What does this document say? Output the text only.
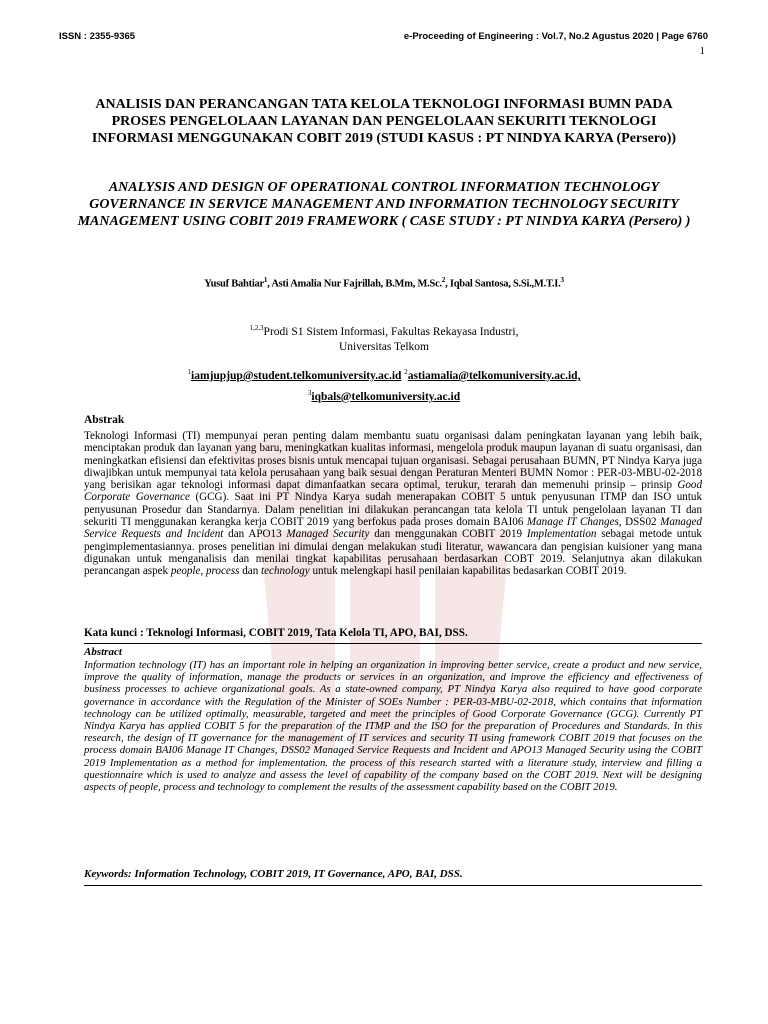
ISSN : 2355-9365	e-Proceeding of Engineering : Vol.7, No.2 Agustus 2020 | Page 6760
1
ANALISIS DAN PERANCANGAN TATA KELOLA TEKNOLOGI INFORMASI BUMN PADA PROSES PENGELOLAAN LAYANAN DAN PENGELOLAAN SEKURITI TEKNOLOGI INFORMASI MENGGUNAKAN COBIT 2019 (STUDI KASUS : PT NINDYA KARYA (Persero))
ANALYSIS AND DESIGN OF OPERATIONAL CONTROL INFORMATION TECHNOLOGY GOVERNANCE IN SERVICE MANAGEMENT AND INFORMATION TECHNOLOGY SECURITY MANAGEMENT USING COBIT 2019 FRAMEWORK ( CASE STUDY : PT NINDYA KARYA (Persero) )
Yusuf Bahtiar$^1$, Asti Amalia Nur Fajrillah, B.Mm, M.Sc.$^2$, Iqbal Santosa, S.Si.,M.T.I.$^3$
$^{1,2,3}$Prodi S1 Sistem Informasi, Fakultas Rekayasa Industri,
Universitas Telkom
$^1$iamjupjup@student.telkomuniversity.ac.id $^2$astiamalia@telkomuniversity.ac.id,
$^3$iqbals@telkomuniversity.ac.id
Abstrak
Teknologi Informasi (TI) mempunyai peran penting dalam membantu suatu organisasi dalam peningkatan layanan yang lebih baik, menciptakan produk dan layanan yang baru, meningkatkan kualitas informasi, mengelola produk maupun layanan di suatu organisasi, dan meningkatkan efisiensi dan efektivitas proses bisnis untuk mencapai tujuan organisasi. Sebagai perusahaan BUMN, PT Nindya Karya juga diwajibkan untuk mempunyai tata kelola perusahaan yang baik sesuai dengan Peraturan Menteri BUMN Nomor : PER-03-MBU-02-2018 yang berisikan agar teknologi informasi dapat dimanfaatkan secara optimal, terukur, terarah dan memenuhi prinsip – prinsip Good Corporate Governance (GCG). Saat ini PT Nindya Karya sudah menerapakan COBIT 5 untuk penyusunan ITMP dan ISO untuk penyusunan Prosedur dan Standarnya. Dalam penelitian ini dilakukan perancangan tata kelola TI untuk pengelolaan layanan TI dan sekuriti TI menggunakan kerangka kerja COBIT 2019 yang berfokus pada proses domain BAI06 Manage IT Changes, DSS02 Managed Service Requests and Incident dan APO13 Managed Security dan menggunakan COBIT 2019 Implementation sebagai metode untuk pengimplementasiannya. proses penelitian ini dimulai dengan melakukan studi literatur, wawancara dan pengisian kuisioner yang mana digunakan untuk menganalisis dan menilai tingkat kapabilitas perusahaan berdasarkan COBT 2019. Selanjutnya akan dilakukan perancangan aspek people, process dan technology untuk melengkapi hasil penilaian kapabilitas bedasarkan COBIT 2019.
Kata kunci : Teknologi Informasi, COBIT 2019, Tata Kelola TI, APO, BAI, DSS.
Abstract
Information technology (IT) has an important role in helping an organization in improving better service, create a product and new service, improve the quality of information, manage the products or services in an organization, and improve the efficiency and effectiveness of business processes to achieve organizational goals. As a state-owned company, PT Nindya Karya also required to have good corporate governance in accordance with the Regulation of the Minister of SOEs Number : PER-03-MBU-02-2018, which contains that information technology can be utilized optimally, measurable, targeted and meet the principles of Good Corporate Governance (GCG). Currently PT Nindya Karya has applied COBIT 5 for the preparation of the ITMP and the ISO for the preparation of Procedures and Standards. In this research, the design of IT governance for the management of IT services and security TI using framework COBIT 2019 that focuses on the process domain BAI06 Manage IT Changes, DSS02 Managed Service Requests and Incident and APO13 Managed Security using the COBIT 2019 Implementation as a method for implementation. the process of this research started with a literature study, interview and filling a questionnaire which is used to analyze and assess the level of capability of the company based on the COBT 2019. Next will be designing aspects of people, process and technology to complement the results of the assessment capability based on the COBIT 2019.
Keywords: Information Technology, COBIT 2019, IT Governance, APO, BAI, DSS.
